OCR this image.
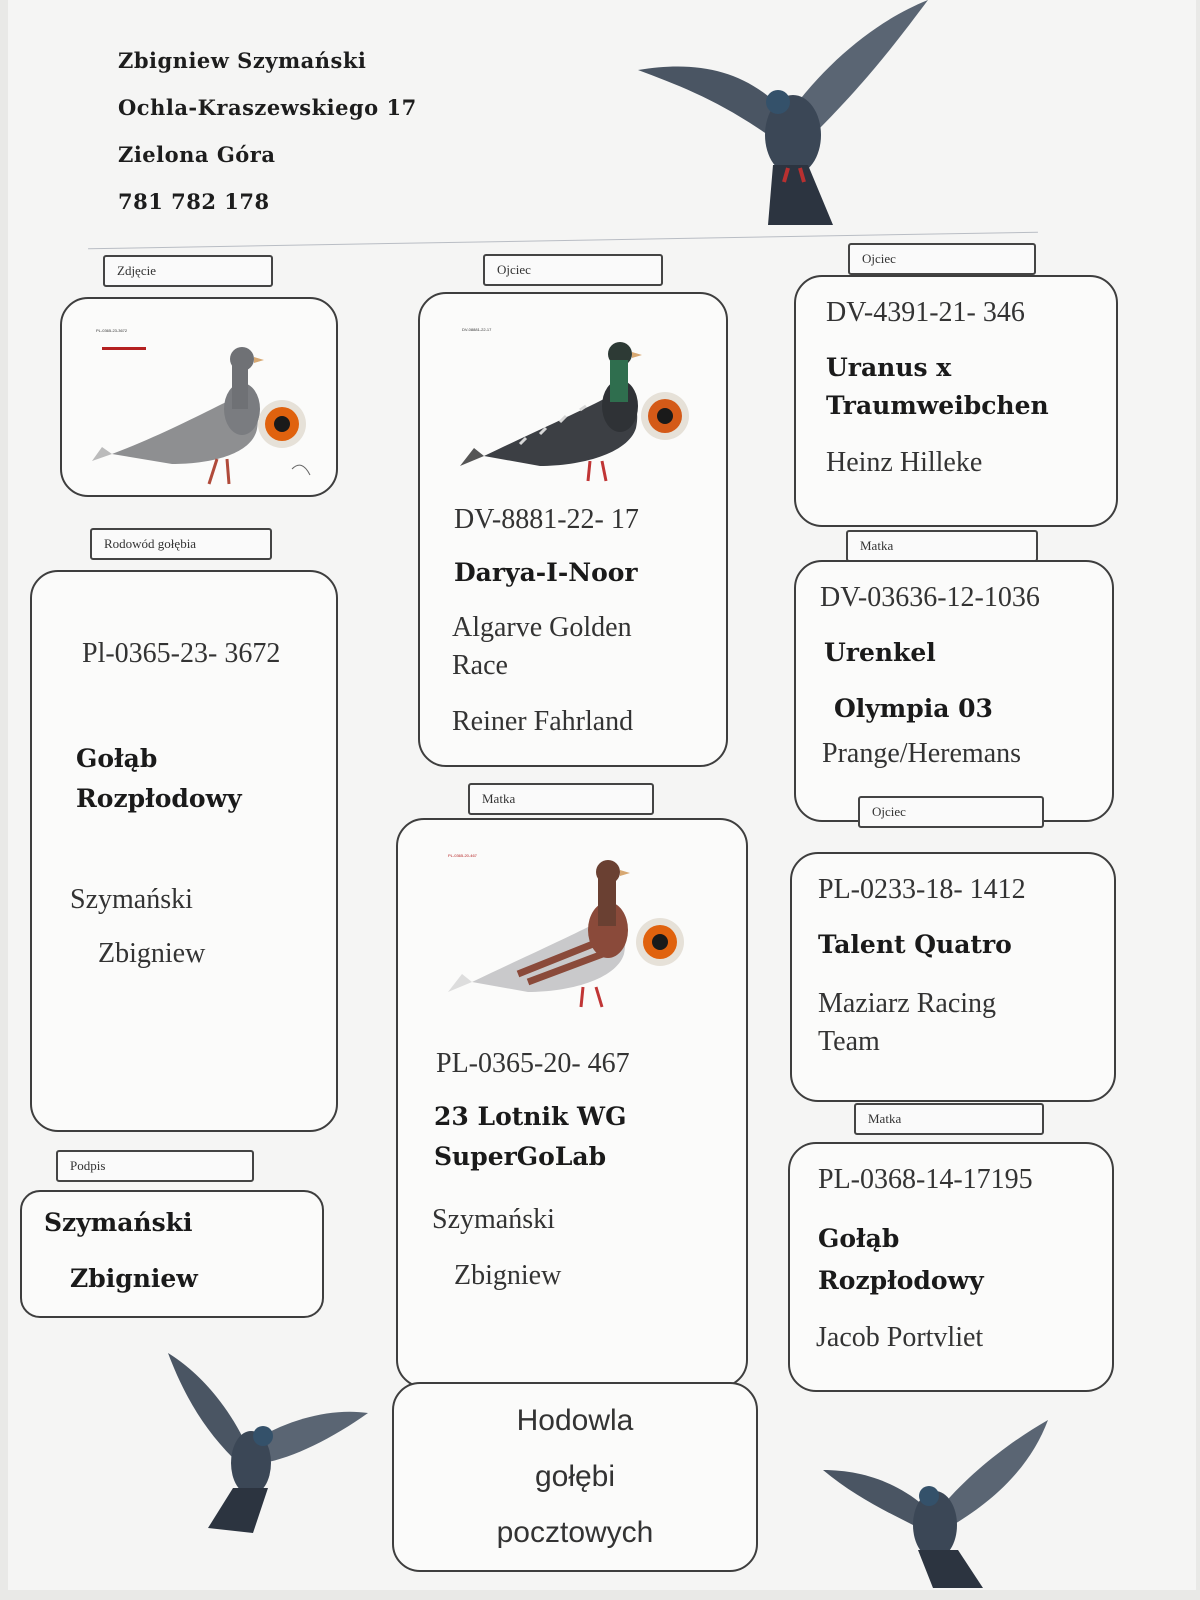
Zbigniew Szymański
Ochla-Kraszewskiego 17
Zielona Góra
781 782 178
Zdjęcie
PL-0365-23-3672
Rodowód gołębia
Pl-0365-23- 3672
Gołąb
Rozpłodowy
Szymański
Zbigniew
Podpis
Szymański
Zbigniew
Ojciec
DV-08881-22-17
DV-8881-22- 17
Darya-I-Noor
Algarve Golden
Race
Reiner Fahrland
Matka
PL-0365-20-467
PL-0365-20- 467
23 Lotnik WG
SuperGoLab
Szymański
Zbigniew
Hodowla
gołębi
pocztowych
Ojciec
DV-4391-21- 346
Uranus x
Traumweibchen
Heinz Hilleke
Matka
DV-03636-12-1036
Urenkel
Olympia 03
Prange/Heremans
Ojciec
PL-0233-18- 1412
Talent Quatro
Maziarz Racing
Team
Matka
PL-0368-14-17195
Gołąb
Rozpłodowy
Jacob Portvliet
